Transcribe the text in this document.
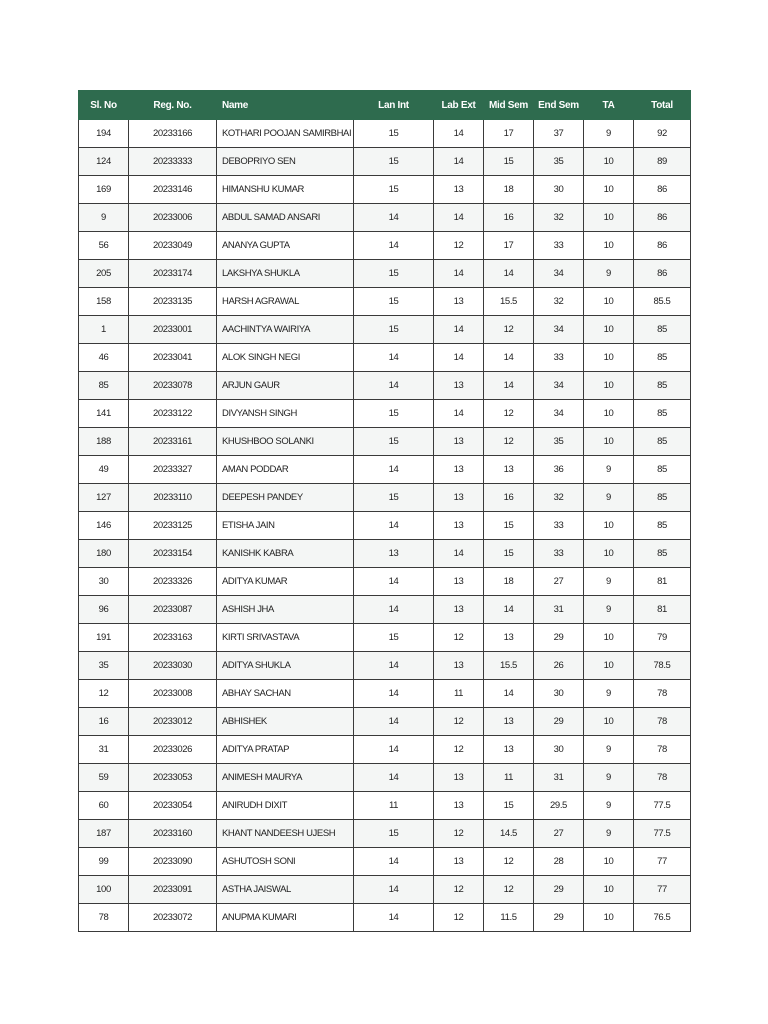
Sl. No	Reg. No.	Name	Lan Int	Lab Ext	Mid Sem	End Sem	TA	Total
194	20233166	KOTHARI POOJAN SAMIRBHAI	15	14	17	37	9	92
124	20233333	DEBOPRIYO SEN	15	14	15	35	10	89
169	20233146	HIMANSHU KUMAR	15	13	18	30	10	86
9	20233006	ABDUL SAMAD ANSARI	14	14	16	32	10	86
56	20233049	ANANYA GUPTA	14	12	17	33	10	86
205	20233174	LAKSHYA SHUKLA	15	14	14	34	9	86
158	20233135	HARSH AGRAWAL	15	13	15.5	32	10	85.5
1	20233001	AACHINTYA WAIRIYA	15	14	12	34	10	85
46	20233041	ALOK SINGH NEGI	14	14	14	33	10	85
85	20233078	ARJUN GAUR	14	13	14	34	10	85
141	20233122	DIVYANSH SINGH	15	14	12	34	10	85
188	20233161	KHUSHBOO SOLANKI	15	13	12	35	10	85
49	20233327	AMAN PODDAR	14	13	13	36	9	85
127	20233110	DEEPESH PANDEY	15	13	16	32	9	85
146	20233125	ETISHA JAIN	14	13	15	33	10	85
180	20233154	KANISHK KABRA	13	14	15	33	10	85
30	20233326	ADITYA KUMAR	14	13	18	27	9	81
96	20233087	ASHISH JHA	14	13	14	31	9	81
191	20233163	KIRTI SRIVASTAVA	15	12	13	29	10	79
35	20233030	ADITYA SHUKLA	14	13	15.5	26	10	78.5
12	20233008	ABHAY SACHAN	14	11	14	30	9	78
16	20233012	ABHISHEK	14	12	13	29	10	78
31	20233026	ADITYA PRATAP	14	12	13	30	9	78
59	20233053	ANIMESH MAURYA	14	13	11	31	9	78
60	20233054	ANIRUDH DIXIT	11	13	15	29.5	9	77.5
187	20233160	KHANT NANDEESH UJESH	15	12	14.5	27	9	77.5
99	20233090	ASHUTOSH SONI	14	13	12	28	10	77
100	20233091	ASTHA JAISWAL	14	12	12	29	10	77
78	20233072	ANUPMA KUMARI	14	12	11.5	29	10	76.5
